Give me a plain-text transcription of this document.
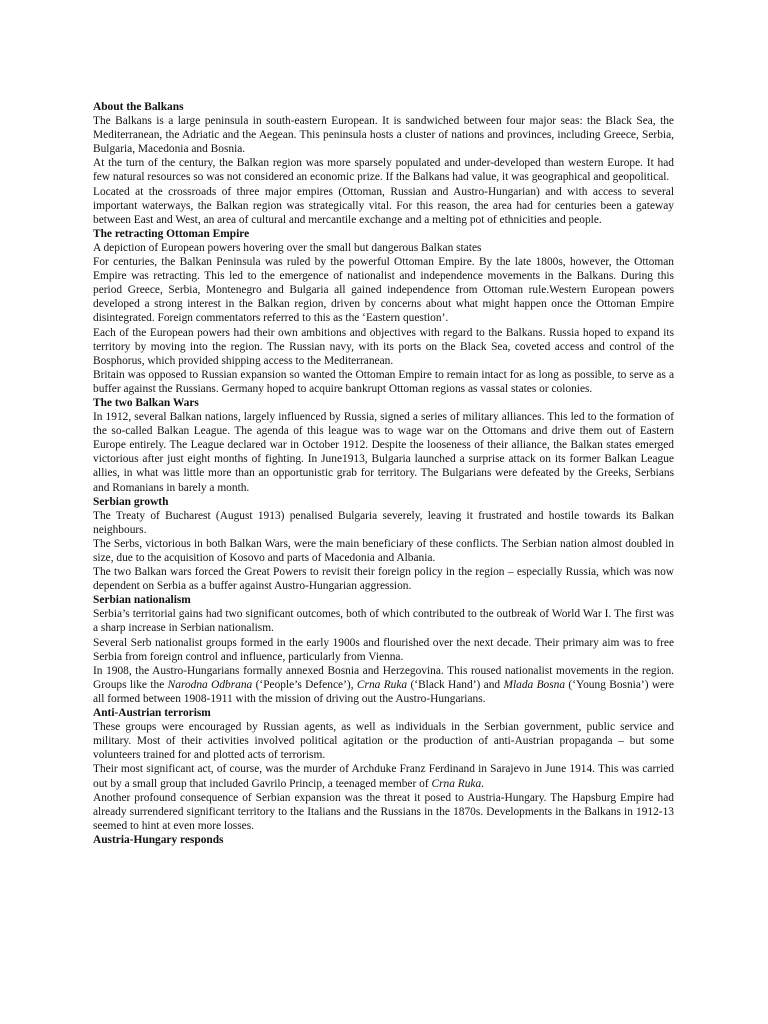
About the Balkans

The Balkans is a large peninsula in south-eastern European. It is sandwiched between four major seas: the Black Sea, the Mediterranean, the Adriatic and the Aegean. This peninsula hosts a cluster of nations and provinces, including Greece, Serbia, Bulgaria, Macedonia and Bosnia.

At the turn of the century, the Balkan region was more sparsely populated and under-developed than western Europe. It had few natural resources so was not considered an economic prize. If the Balkans had value, it was geographical and geopolitical.

Located at the crossroads of three major empires (Ottoman, Russian and Austro-Hungarian) and with access to several important waterways, the Balkan region was strategically vital. For this reason, the area had for centuries been a gateway between East and West, an area of cultural and mercantile exchange and a melting pot of ethnicities and people.

The retracting Ottoman Empire

A depiction of European powers hovering over the small but dangerous Balkan states

For centuries, the Balkan Peninsula was ruled by the powerful Ottoman Empire. By the late 1800s, however, the Ottoman Empire was retracting. This led to the emergence of nationalist and independence movements in the Balkans. During this period Greece, Serbia, Montenegro and Bulgaria all gained independence from Ottoman rule.Western European powers developed a strong interest in the Balkan region, driven by concerns about what might happen once the Ottoman Empire disintegrated. Foreign commentators referred to this as the ‘Eastern question’.

Each of the European powers had their own ambitions and objectives with regard to the Balkans. Russia hoped to expand its territory by moving into the region. The Russian navy, with its ports on the Black Sea, coveted access and control of the Bosphorus, which provided shipping access to the Mediterranean.

Britain was opposed to Russian expansion so wanted the Ottoman Empire to remain intact for as long as possible, to serve as a buffer against the Russians. Germany hoped to acquire bankrupt Ottoman regions as vassal states or colonies.

The two Balkan Wars

In 1912, several Balkan nations, largely influenced by Russia, signed a series of military alliances. This led to the formation of the so-called Balkan League. The agenda of this league was to wage war on the Ottomans and drive them out of Eastern Europe entirely. The League declared war in October 1912. Despite the looseness of their alliance, the Balkan states emerged victorious after just eight months of fighting. In June1913, Bulgaria launched a surprise attack on its former Balkan League allies, in what was little more than an opportunistic grab for territory. The Bulgarians were defeated by the Greeks, Serbians and Romanians in barely a month.

Serbian growth

The Treaty of Bucharest (August 1913) penalised Bulgaria severely, leaving it frustrated and hostile towards its Balkan neighbours.

The Serbs, victorious in both Balkan Wars, were the main beneficiary of these conflicts. The Serbian nation almost doubled in size, due to the acquisition of Kosovo and parts of Macedonia and Albania.

The two Balkan wars forced the Great Powers to revisit their foreign policy in the region – especially Russia, which was now dependent on Serbia as a buffer against Austro-Hungarian aggression.

Serbian nationalism

Serbia’s territorial gains had two significant outcomes, both of which contributed to the outbreak of World War I. The first was a sharp increase in Serbian nationalism.

Several Serb nationalist groups formed in the early 1900s and flourished over the next decade. Their primary aim was to free Serbia from foreign control and influence, particularly from Vienna.

In 1908, the Austro-Hungarians formally annexed Bosnia and Herzegovina. This roused nationalist movements in the region. Groups like the Narodna Odbrana (‘People’s Defence’), Crna Ruka (‘Black Hand’) and Mlada Bosna (‘Young Bosnia’) were all formed between 1908-1911 with the mission of driving out the Austro-Hungarians.

Anti-Austrian terrorism

These groups were encouraged by Russian agents, as well as individuals in the Serbian government, public service and military. Most of their activities involved political agitation or the production of anti-Austrian propaganda – but some volunteers trained for and plotted acts of terrorism.

Their most significant act, of course, was the murder of Archduke Franz Ferdinand in Sarajevo in June 1914. This was carried out by a small group that included Gavrilo Princip, a teenaged member of Crna Ruka.

Another profound consequence of Serbian expansion was the threat it posed to Austria-Hungary. The Hapsburg Empire had already surrendered significant territory to the Italians and the Russians in the 1870s. Developments in the Balkans in 1912-13 seemed to hint at even more losses.

Austria-Hungary responds
